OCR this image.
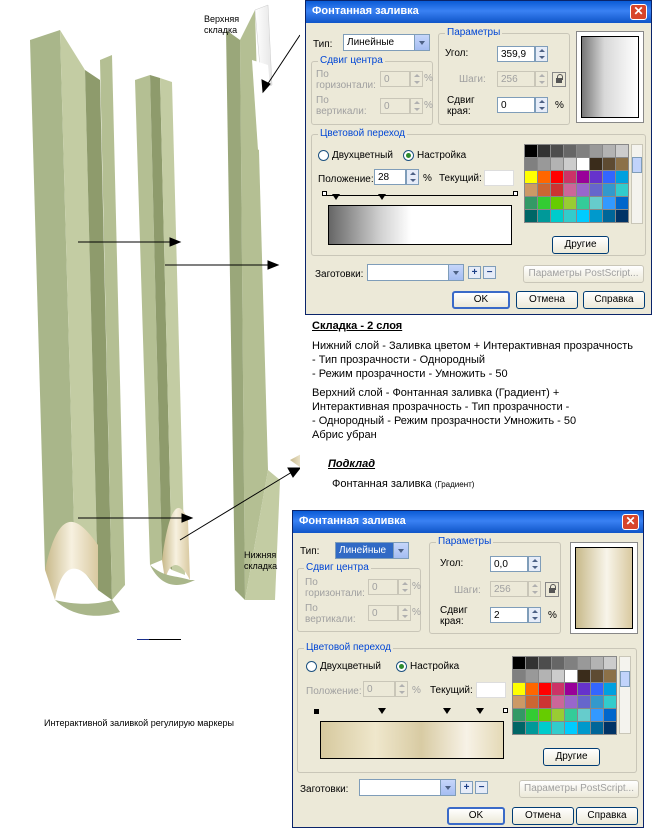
Верхняя
складка
Нижняя
складка
Интерактивной заливкой регулирую маркеры
Фонтанная заливка	✕
Тип:	Линейные
Сдвиг центра
По
горизонтали:
0	%
По
вертикали:	0	%
Параметры
Угол:	359,9
Шаги:	256
Сдвиг
края:
0	%
Цветовой переход
Двухцветный Настройка
Положение: 28	% Текущий:
Другие
Заготовки:	+ −	Параметры PostScript...
OK	Отмена	Справка
Складка - 2 слоя
Нижний слой - Заливка цветом + Интерактивная прозрачность
- Тип прозрачности - Однородный
- Режим прозрачности - Умножить - 50
Верхний слой - Фонтанная заливка (Градиент) +
Интерактивная прозрачность - Тип прозрачности -
- Однородный - Режим прозрачности Умножить - 50
Абрис убран
Подклад
Фонтанная заливка (Градиент)
Фонтанная заливка	✕
Тип:	Линейные
Сдвиг центра
По
горизонтали:
0	%
По
вертикали:
0	%
Параметры
Угол:	0,0
Шаги:	256
Сдвиг
края:
2	%
Цветовой переход
Двухцветный	Настройка
Положение: 0	% Текущий:
Другие
Заготовки:	+ −	Параметры PostScript...
OK	Отмена	Справка
